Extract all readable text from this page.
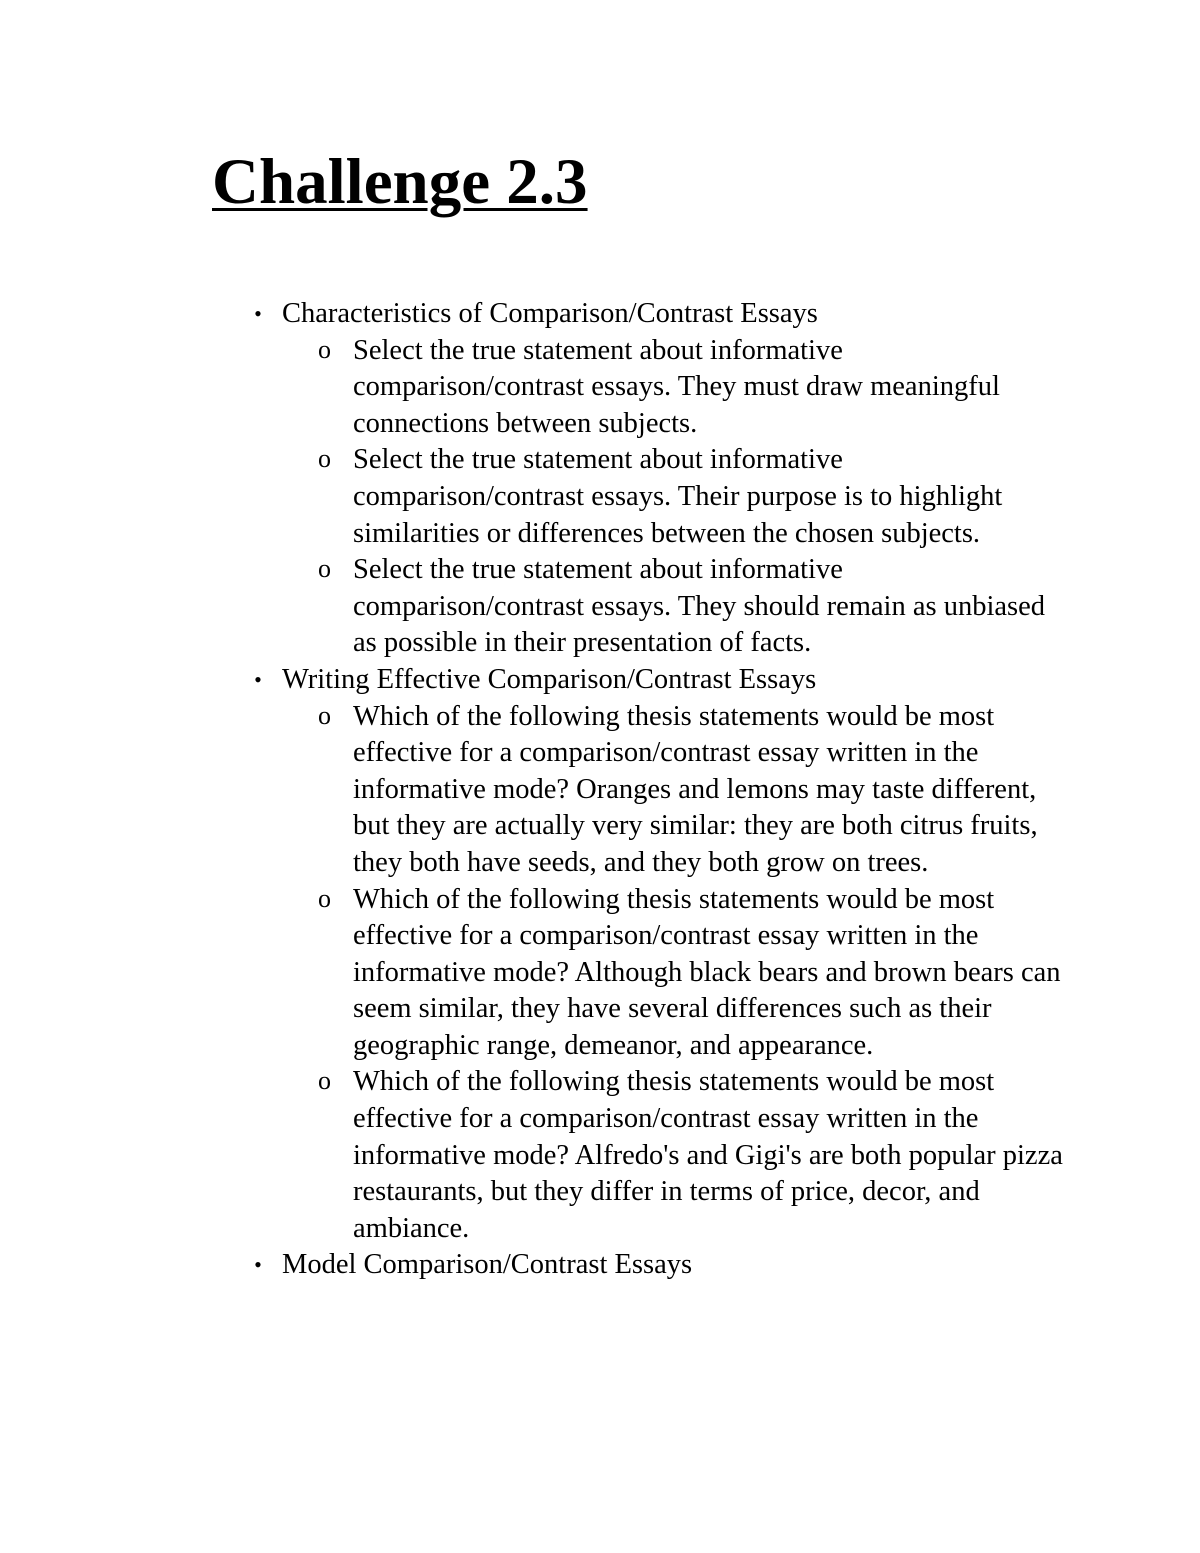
Challenge 2.3
• Characteristics of Comparison/Contrast Essays
o Select the true statement about informative comparison/contrast essays. They must draw meaningful connections between subjects.
o Select the true statement about informative comparison/contrast essays. Their purpose is to highlight similarities or differences between the chosen subjects.
o Select the true statement about informative comparison/contrast essays. They should remain as unbiased as possible in their presentation of facts.
• Writing Effective Comparison/Contrast Essays
o Which of the following thesis statements would be most effective for a comparison/contrast essay written in the informative mode? Oranges and lemons may taste different, but they are actually very similar: they are both citrus fruits, they both have seeds, and they both grow on trees.
o Which of the following thesis statements would be most effective for a comparison/contrast essay written in the informative mode? Although black bears and brown bears can seem similar, they have several differences such as their geographic range, demeanor, and appearance.
o Which of the following thesis statements would be most effective for a comparison/contrast essay written in the informative mode? Alfredo's and Gigi's are both popular pizza restaurants, but they differ in terms of price, decor, and ambiance.
• Model Comparison/Contrast Essays
